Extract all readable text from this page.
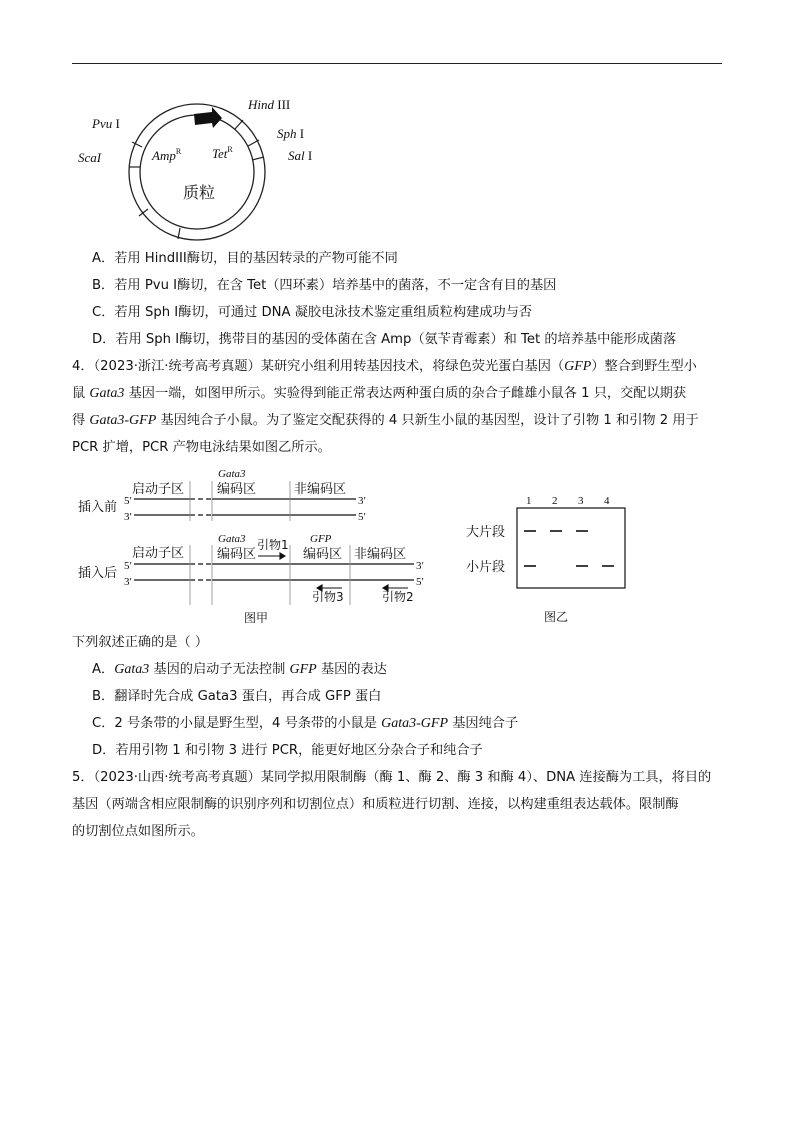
Hind III
Sph I
Sal I
Pvu I
ScaI	Amp$^R$ Tet$^R$
质粒
A．若用 HindIII酶切，目的基因转录的产物可能不同
B．若用 Pvu Ⅰ酶切，在含 Tet（四环素）培养基中的菌落，不一定含有目的基因
C．若用 Sph Ⅰ酶切，可通过 DNA 凝胶电泳技术鉴定重组质粒构建成功与否
D．若用 Sph Ⅰ酶切，携带目的基因的受体菌在含 Amp（氨苄青霉素）和 Tet 的培养基中能形成菌落
4．（2023·浙江·统考高考真题）某研究小组利用转基因技术，将绿色荧光蛋白基因（GFP）整合到野生型小
鼠 Gata3 基因一端，如图甲所示。实验得到能正常表达两种蛋白质的杂合子雌雄小鼠各 1 只，交配以期获
得 Gata3-GFP 基因纯合子小鼠。为了鉴定交配获得的 4 只新生小鼠的基因型，设计了引物 1 和引物 2 用于
PCR 扩增，PCR 产物电泳结果如图乙所示。
插入前 5′
3′
启动子区
Gata3
编码区	非编码区
3′
5′
插入后 5′
3′
启动子区
Gata3
编码区
引物1 GFP
编码区 非编码区
3′
5′
引物3	引物2
图甲
1 2 3 4
大片段
小片段
图乙
下列叙述正确的是（ ）
A．Gata3 基因的启动子无法控制 GFP 基因的表达
B．翻译时先合成 Gata3 蛋白，再合成 GFP 蛋白
C．2 号条带的小鼠是野生型，4 号条带的小鼠是 Gata3-GFP 基因纯合子
D．若用引物 1 和引物 3 进行 PCR，能更好地区分杂合子和纯合子
5．（2023·山西·统考高考真题）某同学拟用限制酶（酶 1、酶 2、酶 3 和酶 4）、DNA 连接酶为工具，将目的
基因（两端含相应限制酶的识别序列和切割位点）和质粒进行切割、连接，以构建重组表达载体。限制酶
的切割位点如图所示。
